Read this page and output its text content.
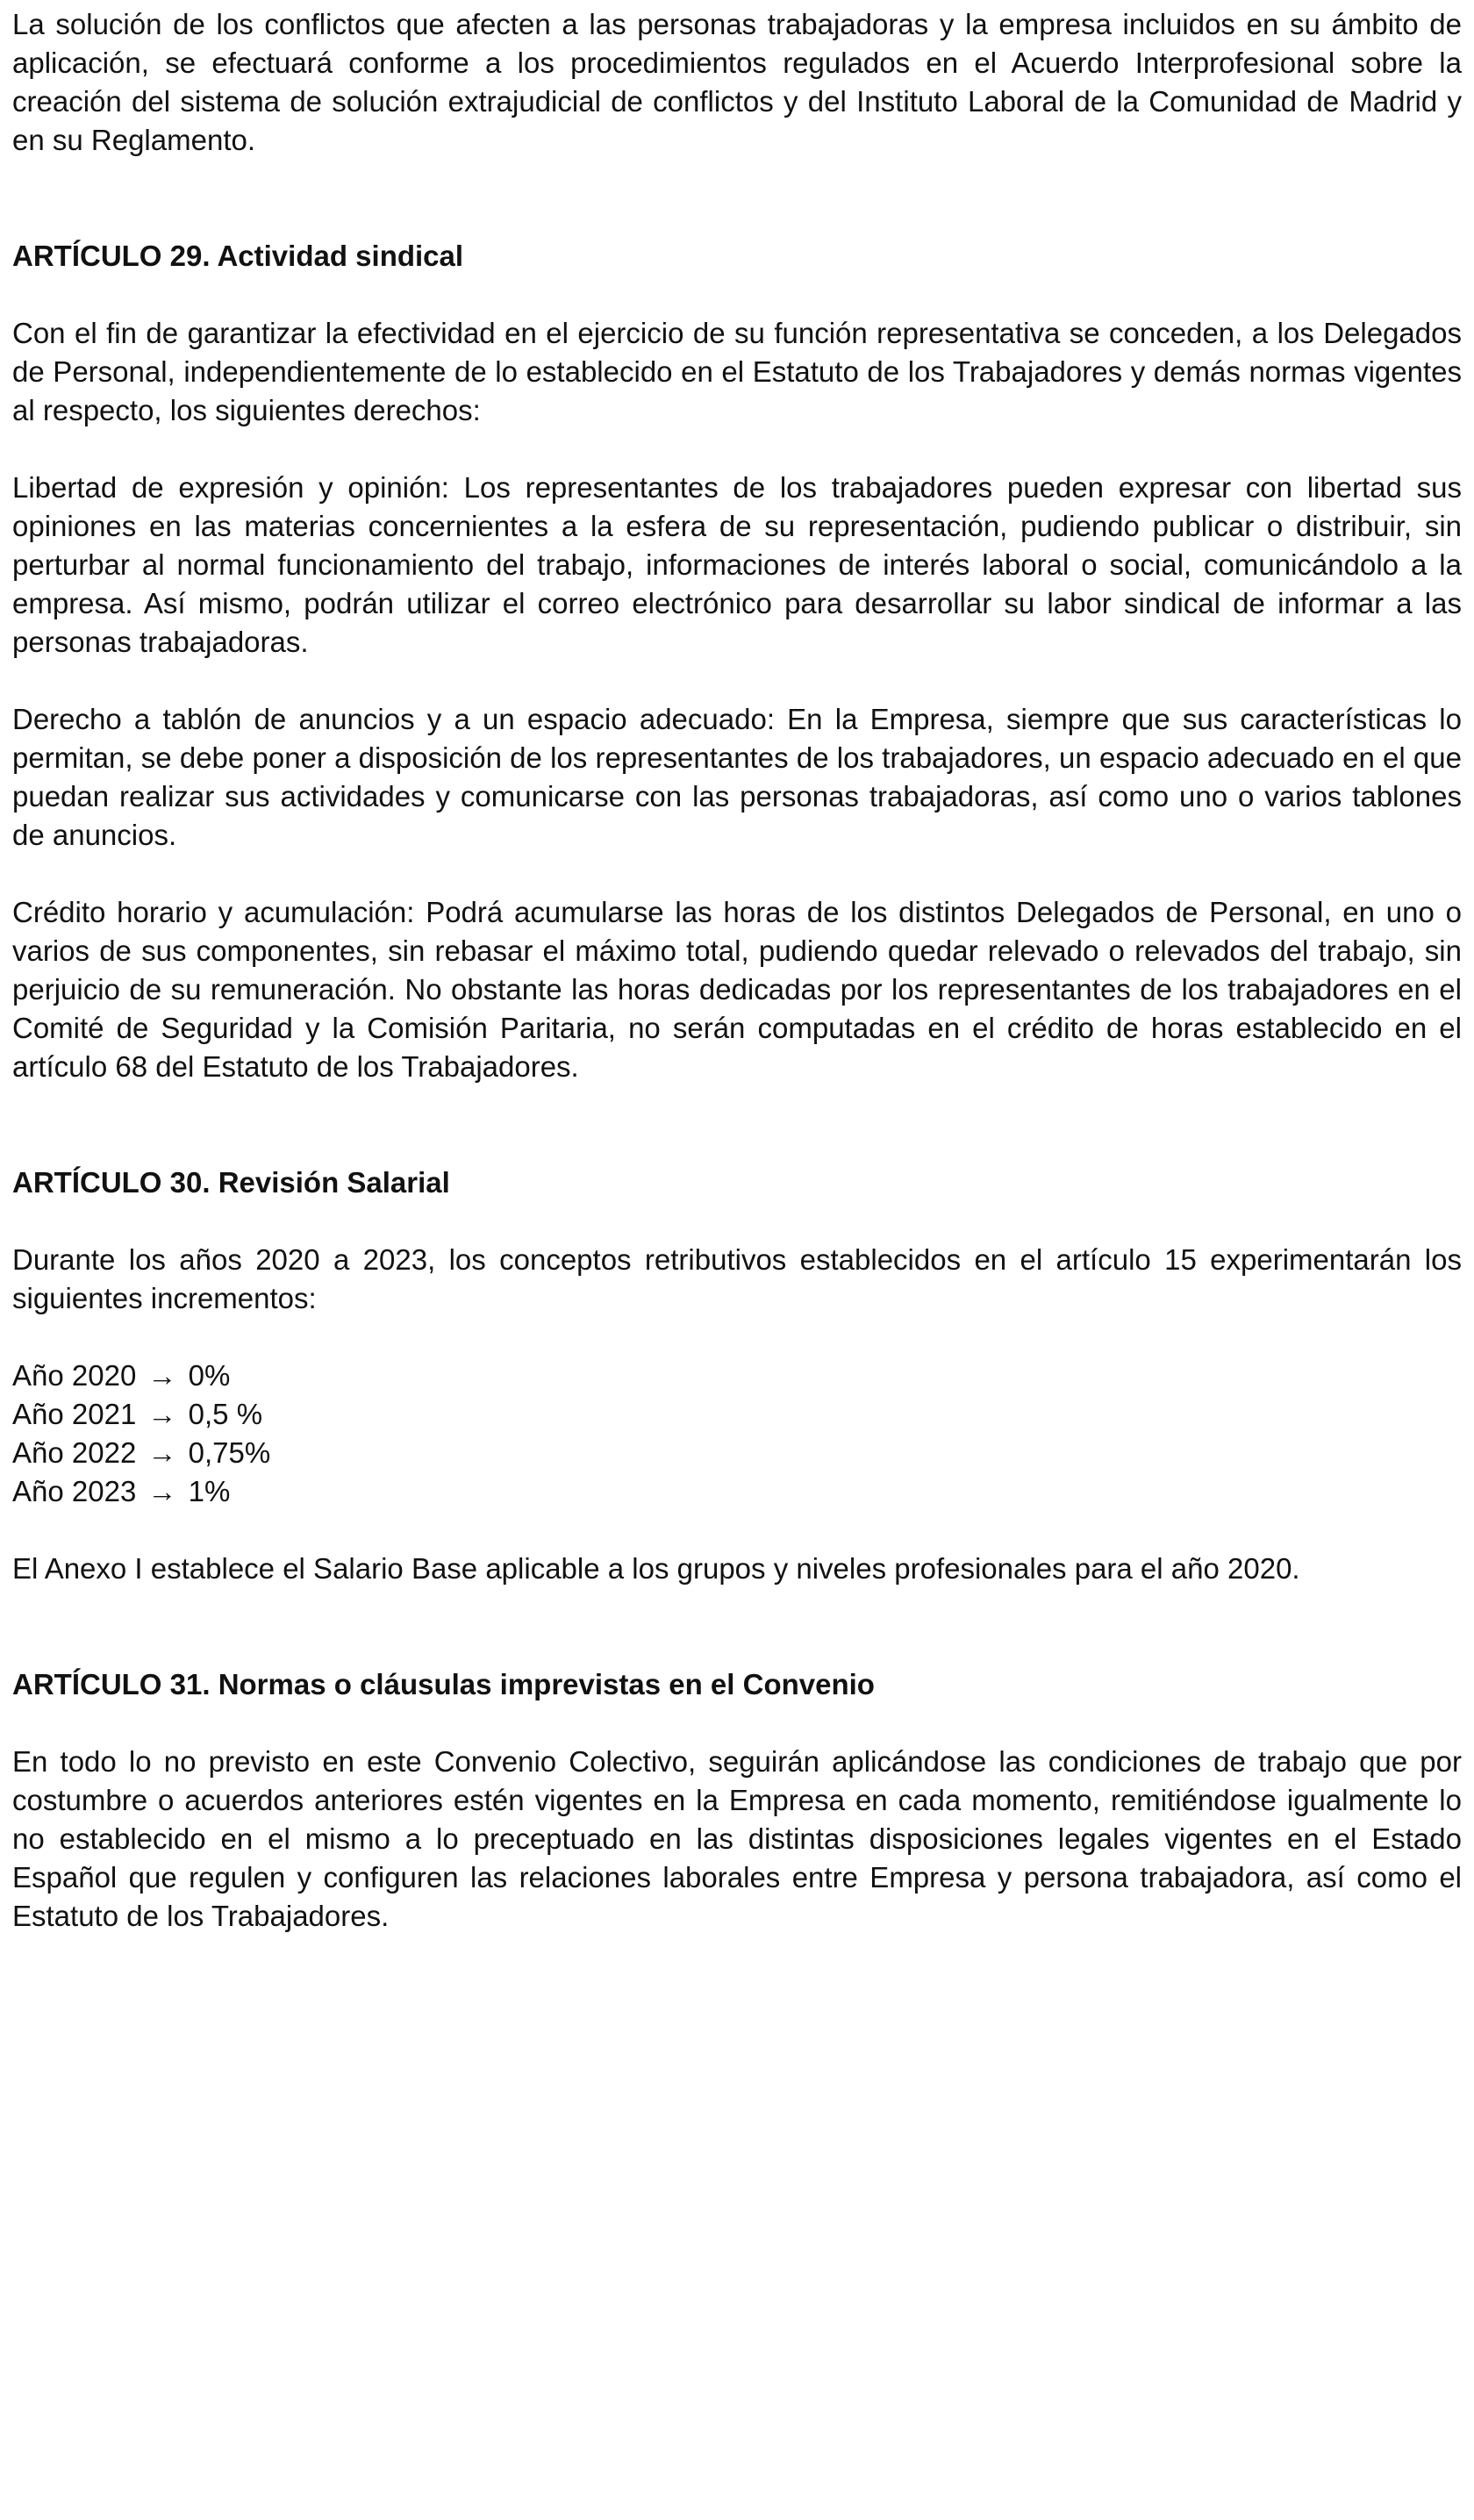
La solución de los conflictos que afecten a las personas trabajadoras y la empresa incluidos en su ámbito de aplicación, se efectuará conforme a los procedimientos regulados en el Acuerdo Interprofesional sobre la creación del sistema de solución extrajudicial de conflictos y del Instituto Laboral de la Comunidad de Madrid y en su Reglamento.

ARTÍCULO 29. Actividad sindical

Con el fin de garantizar la efectividad en el ejercicio de su función representativa se conceden, a los Delegados de Personal, independientemente de lo establecido en el Estatuto de los Trabajadores y demás normas vigentes al respecto, los siguientes derechos:

Libertad de expresión y opinión: Los representantes de los trabajadores pueden expresar con libertad sus opiniones en las materias concernientes a la esfera de su representación, pudiendo publicar o distribuir, sin perturbar al normal funcionamiento del trabajo, informaciones de interés laboral o social, comunicándolo a la empresa. Así mismo, podrán utilizar el correo electrónico para desarrollar su labor sindical de informar a las personas trabajadoras.

Derecho a tablón de anuncios y a un espacio adecuado: En la Empresa, siempre que sus características lo permitan, se debe poner a disposición de los representantes de los trabajadores, un espacio adecuado en el que puedan realizar sus actividades y comunicarse con las personas trabajadoras, así como uno o varios tablones de anuncios.

Crédito horario y acumulación: Podrá acumularse las horas de los distintos Delegados de Personal, en uno o varios de sus componentes, sin rebasar el máximo total, pudiendo quedar relevado o relevados del trabajo, sin perjuicio de su remuneración. No obstante las horas dedicadas por los representantes de los trabajadores en el Comité de Seguridad y la Comisión Paritaria, no serán computadas en el crédito de horas establecido en el artículo 68 del Estatuto de los Trabajadores.

ARTÍCULO 30. Revisión Salarial

Durante los años 2020 a 2023, los conceptos retributivos establecidos en el artículo 15 experimentarán los siguientes incrementos:

Año 2020 → 0%
Año 2021 → 0,5 %
Año 2022 → 0,75%
Año 2023 → 1%

El Anexo I establece el Salario Base aplicable a los grupos y niveles profesionales para el año 2020.

ARTÍCULO 31. Normas o cláusulas imprevistas en el Convenio

En todo lo no previsto en este Convenio Colectivo, seguirán aplicándose las condiciones de trabajo que por costumbre o acuerdos anteriores estén vigentes en la Empresa en cada momento, remitiéndose igualmente lo no establecido en el mismo a lo preceptuado en las distintas disposiciones legales vigentes en el Estado Español que regulen y configuren las relaciones laborales entre Empresa y persona trabajadora, así como el Estatuto de los Trabajadores.
